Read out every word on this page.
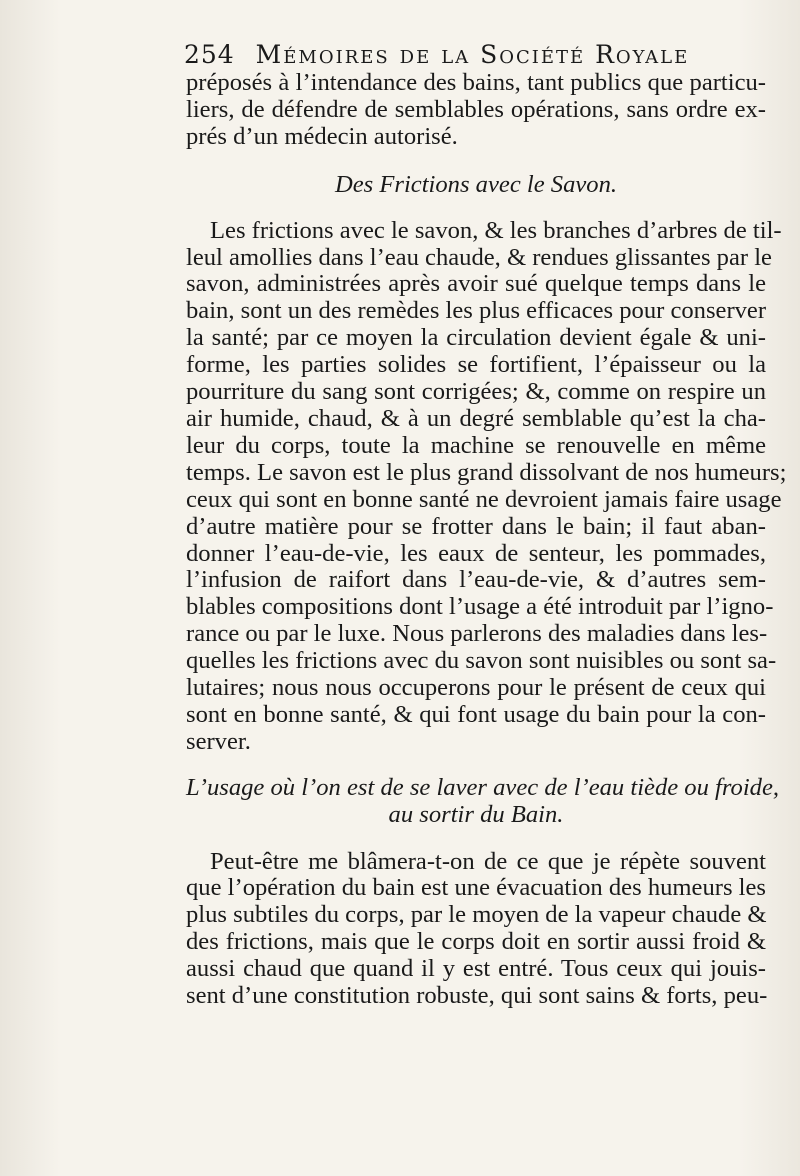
254 Mémoires de la Société Royale

préposés à l’intendance des bains, tant publics que particu-
liers, de défendre de semblables opérations, sans ordre ex-
prés d’un médecin autorisé.

Des Frictions avec le Savon.

Les frictions avec le savon, & les branches d’arbres de til-
leul amollies dans l’eau chaude, & rendues glissantes par le
savon, administrées après avoir sué quelque temps dans le
bain, sont un des remèdes les plus efficaces pour conserver
la santé; par ce moyen la circulation devient égale & uni-
forme, les parties solides se fortifient, l’épaisseur ou la
pourriture du sang sont corrigées; &, comme on respire un
air humide, chaud, & à un degré semblable qu’est la cha-
leur du corps, toute la machine se renouvelle en même
temps. Le savon est le plus grand dissolvant de nos humeurs;
ceux qui sont en bonne santé ne devroient jamais faire usage
d’autre matière pour se frotter dans le bain; il faut aban-
donner l’eau-de-vie, les eaux de senteur, les pommades,
l’infusion de raifort dans l’eau-de-vie, & d’autres sem-
blables compositions dont l’usage a été introduit par l’igno-
rance ou par le luxe. Nous parlerons des maladies dans les-
quelles les frictions avec du savon sont nuisibles ou sont sa-
lutaires; nous nous occuperons pour le présent de ceux qui
sont en bonne santé, & qui font usage du bain pour la con-
server.

L’usage où l’on est de se laver avec de l’eau tiède ou froide,
au sortir du Bain.

Peut-être me blâmera-t-on de ce que je répète souvent
que l’opération du bain est une évacuation des humeurs les
plus subtiles du corps, par le moyen de la vapeur chaude &
des frictions, mais que le corps doit en sortir aussi froid &
aussi chaud que quand il y est entré. Tous ceux qui jouis-
sent d’une constitution robuste, qui sont sains & forts, peu-
